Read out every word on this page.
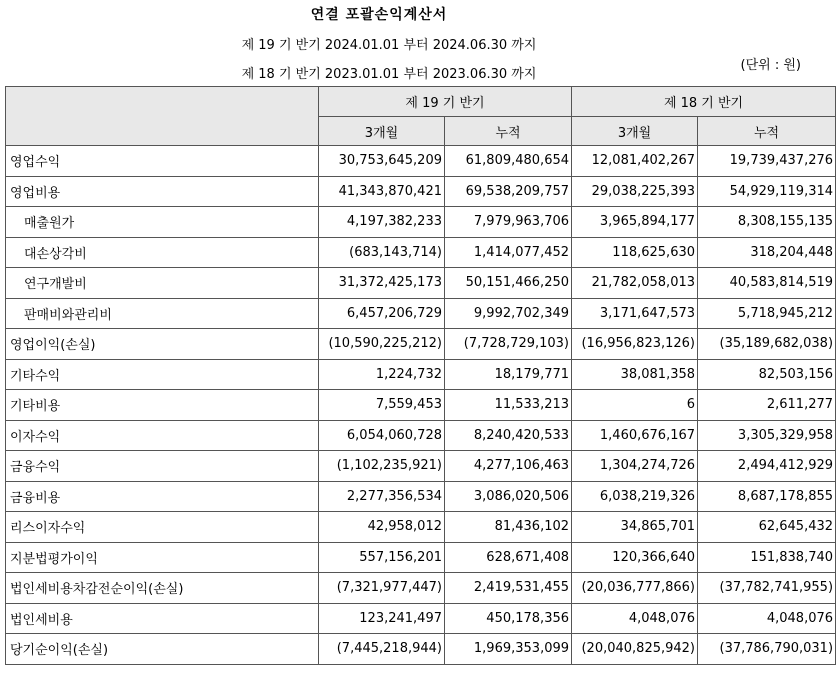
연결 포괄손익계산서
제 19 기 반기 2024.01.01 부터 2024.06.30 까지
(단위 : 원)
제 18 기 반기 2023.01.01 부터 2023.06.30 까지
	제 19 기 반기		제 18 기 반기	
	3개월	누적	3개월	누적
영업수익	30,753,645,209	61,809,480,654	12,081,402,267	19,739,437,276
영업비용	41,343,870,421	69,538,209,757	29,038,225,393	54,929,119,314
매출원가	4,197,382,233	7,979,963,706	3,965,894,177	8,308,155,135
대손상각비	(683,143,714)	1,414,077,452	118,625,630	318,204,448
연구개발비	31,372,425,173	50,151,466,250	21,782,058,013	40,583,814,519
판매비와관리비	6,457,206,729	9,992,702,349	3,171,647,573	5,718,945,212
영업이익(손실)	(10,590,225,212)	(7,728,729,103)	(16,956,823,126)	(35,189,682,038)
기타수익	1,224,732	18,179,771	38,081,358	82,503,156
기타비용	7,559,453	11,533,213	6	2,611,277
이자수익	6,054,060,728	8,240,420,533	1,460,676,167	3,305,329,958
금융수익	(1,102,235,921)	4,277,106,463	1,304,274,726	2,494,412,929
금융비용	2,277,356,534	3,086,020,506	6,038,219,326	8,687,178,855
리스이자수익	42,958,012	81,436,102	34,865,701	62,645,432
지분법평가이익	557,156,201	628,671,408	120,366,640	151,838,740
법인세비용차감전순이익(손실)	(7,321,977,447)	2,419,531,455	(20,036,777,866)	(37,782,741,955)
법인세비용	123,241,497	450,178,356	4,048,076	4,048,076
당기순이익(손실)	(7,445,218,944)	1,969,353,099	(20,040,825,942)	(37,786,790,031)
